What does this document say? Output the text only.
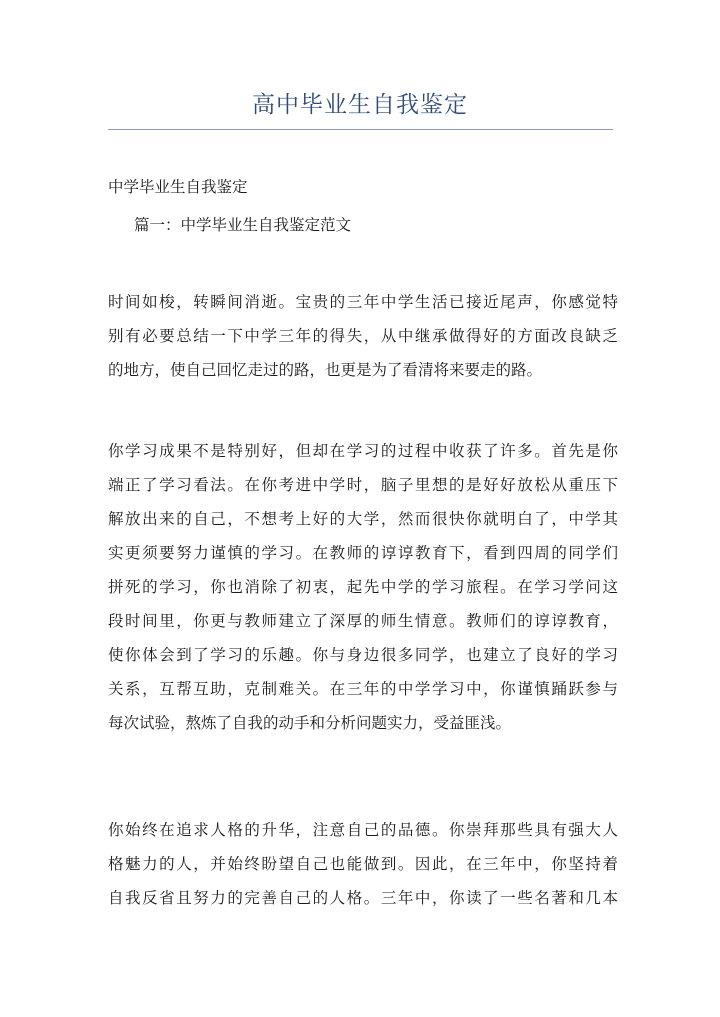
高中毕业生自我鉴定
中学毕业生自我鉴定
篇一：中学毕业生自我鉴定范文

时间如梭，转瞬间消逝。宝贵的三年中学生活已接近尾声，你感觉特
别有必要总结一下中学三年的得失，从中继承做得好的方面改良缺乏
的地方，使自己回忆走过的路，也更是为了看清将来要走的路。

你学习成果不是特别好，但却在学习的过程中收获了许多。首先是你
端正了学习看法。在你考进中学时，脑子里想的是好好放松从重压下
解放出来的自己，不想考上好的大学，然而很快你就明白了，中学其
实更须要努力谨慎的学习。在教师的谆谆教育下，看到四周的同学们
拼死的学习，你也消除了初衷，起先中学的学习旅程。在学习学问这
段时间里，你更与教师建立了深厚的师生情意。教师们的谆谆教育，
使你体会到了学习的乐趣。你与身边很多同学，也建立了良好的学习
关系，互帮互助，克制难关。在三年的中学学习中，你谨慎踊跃参与
每次试验，熬炼了自我的动手和分析问题实力，受益匪浅。

你始终在追求人格的升华，注意自己的品德。你崇拜那些具有强大人
格魅力的人，并始终盼望自己也能做到。因此，在三年中，你坚持着
自我反省且努力的完善自己的人格。三年中，你读了一些名著和几本
